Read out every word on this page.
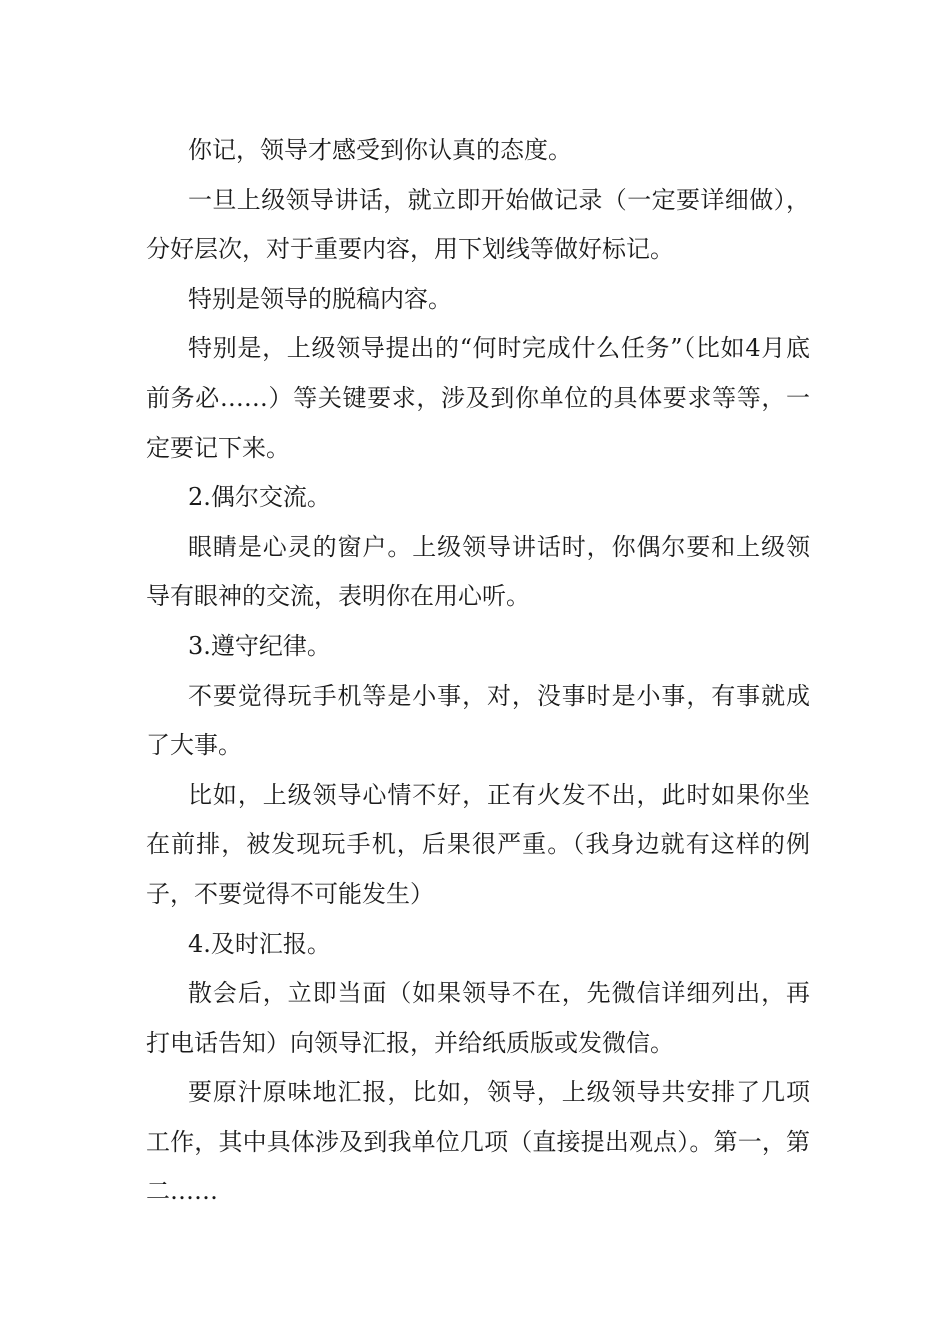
你记，领导才感受到你认真的态度。

一旦上级领导讲话，就立即开始做记录（一定要详细做），分好层次，对于重要内容，用下划线等做好标记。

特别是领导的脱稿内容。

特别是，上级领导提出的“何时完成什么任务”（比如4月底前务必……）等关键要求，涉及到你单位的具体要求等等，一定要记下来。

2.偶尔交流。

眼睛是心灵的窗户。上级领导讲话时，你偶尔要和上级领导有眼神的交流，表明你在用心听。

3.遵守纪律。

不要觉得玩手机等是小事，对，没事时是小事，有事就成了大事。

比如，上级领导心情不好，正有火发不出，此时如果你坐在前排，被发现玩手机，后果很严重。（我身边就有这样的例子，不要觉得不可能发生）

4.及时汇报。

散会后，立即当面（如果领导不在，先微信详细列出，再打电话告知）向领导汇报，并给纸质版或发微信。

要原汁原味地汇报，比如，领导，上级领导共安排了几项工作，其中具体涉及到我单位几项（直接提出观点）。第一，第二……
